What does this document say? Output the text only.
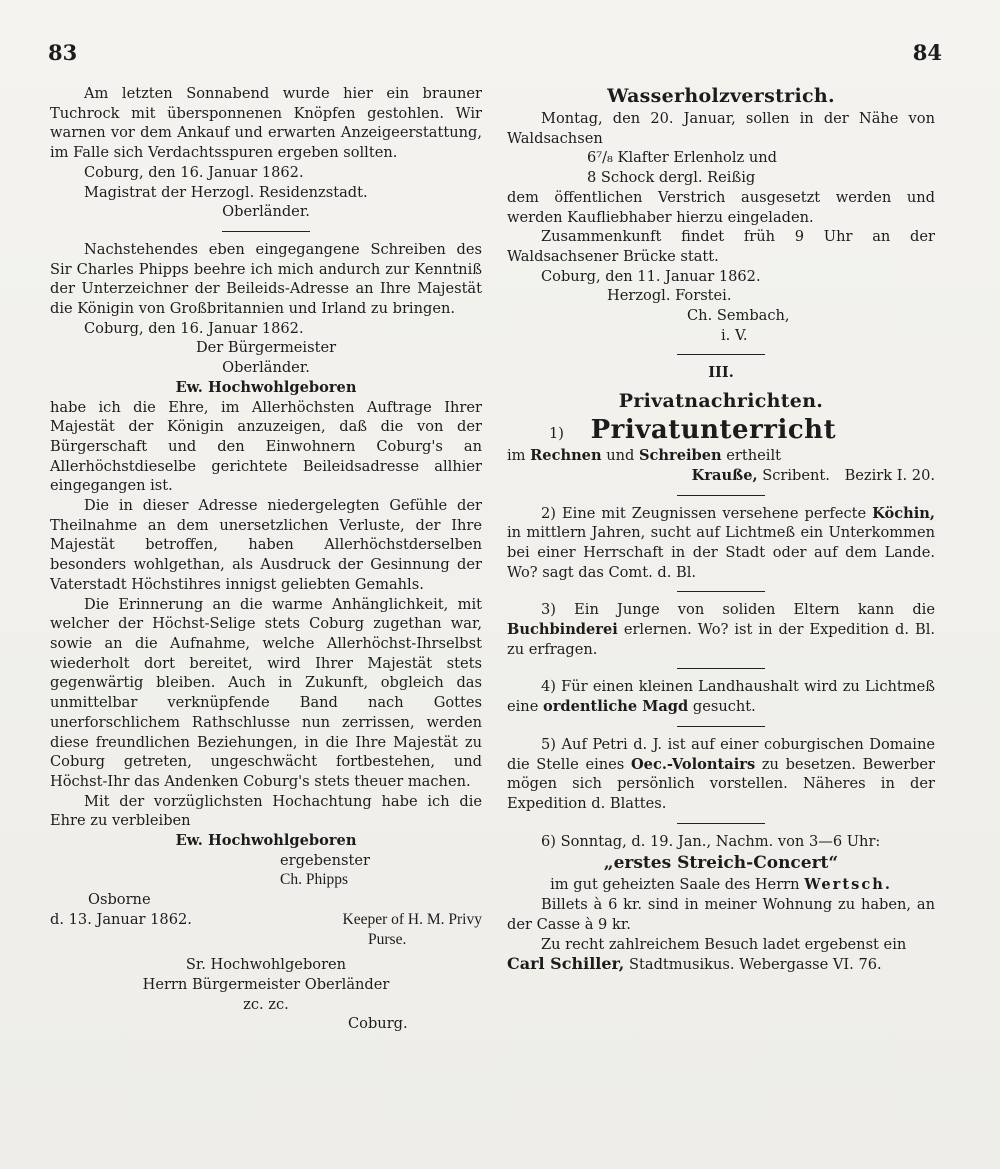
83	84

Am letzten Sonnabend wurde hier ein brauner Tuchrock mit übersponnenen Knöpfen gestohlen. Wir warnen vor dem Ankauf und erwarten Anzeigeerstattung, im Falle sich Verdachtsspuren ergeben sollten.

Coburg, den 16. Januar 1862.

Magistrat der Herzogl. Residenzstadt.

Oberländer.

Nachstehendes eben eingegangene Schreiben des Sir Charles Phipps beehre ich mich andurch zur Kenntniß der Unterzeichner der Beileids-Adresse an Ihre Majestät die Königin von Großbritannien und Irland zu bringen.

Coburg, den 16. Januar 1862.

Der Bürgermeister

Oberländer.

Ew. Hochwohlgeboren

habe ich die Ehre, im Allerhöchsten Auftrage Ihrer Majestät der Königin anzuzeigen, daß die von der Bürgerschaft und den Einwohnern Coburg's an Allerhöchstdieselbe gerichtete Beileidsadresse allhier eingegangen ist.

Die in dieser Adresse niedergelegten Gefühle der Theilnahme an dem unersetzlichen Verluste, der Ihre Majestät betroffen, haben Allerhöchstderselben besonders wohlgethan, als Ausdruck der Gesinnung der Vaterstadt Höchstihres innigst geliebten Gemahls.

Die Erinnerung an die warme Anhänglichkeit, mit welcher der Höchst-Selige stets Coburg zugethan war, sowie an die Aufnahme, welche Allerhöchst-Ihrselbst wiederholt dort bereitet, wird Ihrer Majestät stets gegenwärtig bleiben. Auch in Zukunft, obgleich das unmittelbar verknüpfende Band nach Gottes unerforschlichem Rathschlusse nun zerrissen, werden diese freundlichen Beziehungen, in die Ihre Majestät zu Coburg getreten, ungeschwächt fortbestehen, und Höchst-Ihr das Andenken Coburg's stets theuer machen.

Mit der vorzüglichsten Hochachtung habe ich die Ehre zu verbleiben

Ew. Hochwohlgeboren

ergebenster

Ch. Phipps

Osborne
d. 13. Januar 1862.	Keeper of H. M. Privy

Purse.

Sr. Hochwohlgeboren

Herrn Bürgermeister Oberländer

zc. zc.

Coburg.

Wasserholzverstrich.

Montag, den 20. Januar, sollen in der Nähe von Waldsachsen

6⁷/₈ Klafter Erlenholz und

8 Schock dergl. Reißig

dem öffentlichen Verstrich ausgesetzt werden und werden Kaufliebhaber hierzu eingeladen.

Zusammenkunft findet früh 9 Uhr an der Waldsachsener Brücke statt.

Coburg, den 11. Januar 1862.

Herzogl. Forstei.

Ch. Sembach,

i. V.

III.

Privatnachrichten.

1) Privatunterricht

im Rechnen und Schreiben ertheilt

Krauße, Scribent. Bezirk I. 20.

2) Eine mit Zeugnissen versehene perfecte Köchin, in mittlern Jahren, sucht auf Lichtmeß ein Unterkommen bei einer Herrschaft in der Stadt oder auf dem Lande. Wo? sagt das Comt. d. Bl.

3) Ein Junge von soliden Eltern kann die Buchbinderei erlernen. Wo? ist in der Expedition d. Bl. zu erfragen.

4) Für einen kleinen Landhaushalt wird zu Lichtmeß eine ordentliche Magd gesucht.

5) Auf Petri d. J. ist auf einer coburgischen Domaine die Stelle eines Oec.-Volontairs zu besetzen. Bewerber mögen sich persönlich vorstellen. Näheres in der Expedition d. Blattes.

6) Sonntag, d. 19. Jan., Nachm. von 3—6 Uhr:

„erstes Streich-Concert“

im gut geheizten Saale des Herrn Wertsch.

Billets à 6 kr. sind in meiner Wohnung zu haben, an der Casse à 9 kr.

Zu recht zahlreichem Besuch ladet ergebenst ein

Carl Schiller, Stadtmusikus. Webergasse VI. 76.
